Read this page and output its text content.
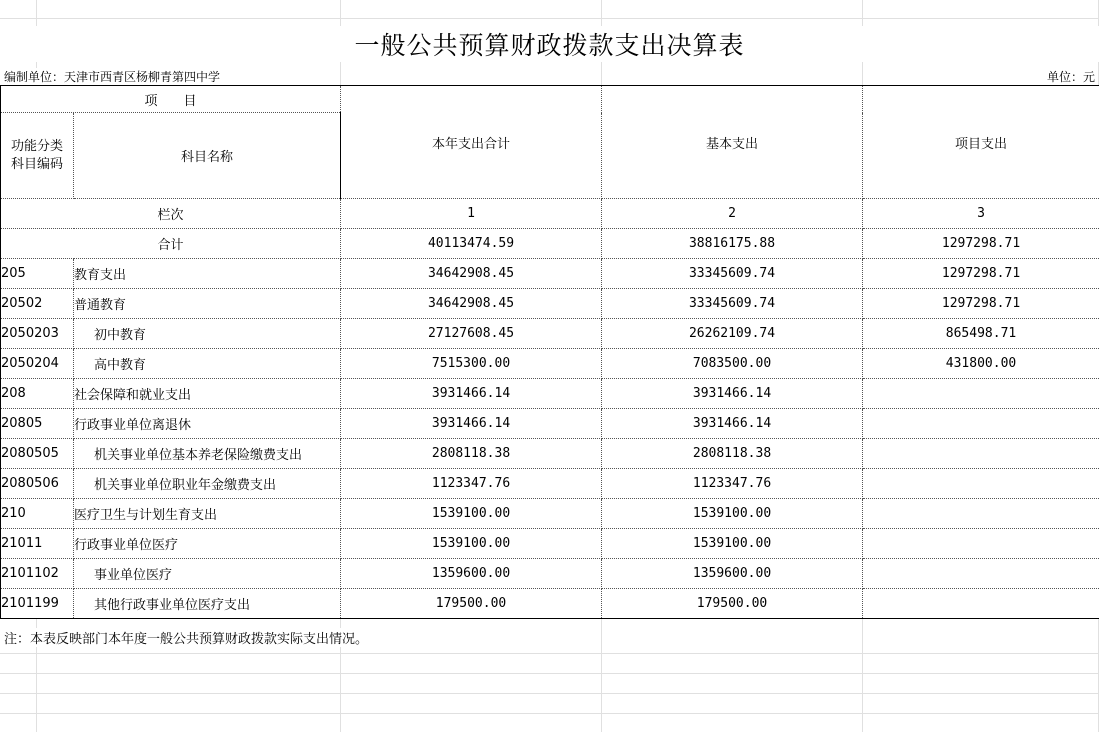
一般公共预算财政拨款支出决算表
编制单位：天津市西青区杨柳青第四中学	单位：元
项　　目		本年支出合计	基本支出	项目支出

功能分类
科目编码	科目名称			
栏次		1	2	3
合计		40113474.59	38816175.88	1297298.71
205	教育支出	34642908.45	33345609.74	1297298.71
20502	普通教育	34642908.45	33345609.74	1297298.71
2050203	初中教育	27127608.45	26262109.74	865498.71
2050204	高中教育	7515300.00	7083500.00	431800.00
208	社会保障和就业支出	3931466.14	3931466.14	
20805	行政事业单位离退休	3931466.14	3931466.14	
2080505	机关事业单位基本养老保险缴费支出	2808118.38	2808118.38	
2080506	机关事业单位职业年金缴费支出	1123347.76	1123347.76	
210	医疗卫生与计划生育支出	1539100.00	1539100.00	
21011	行政事业单位医疗	1539100.00	1539100.00	
2101102	事业单位医疗	1359600.00	1359600.00	
2101199	其他行政事业单位医疗支出	179500.00	179500.00	
注：本表反映部门本年度一般公共预算财政拨款实际支出情况。
